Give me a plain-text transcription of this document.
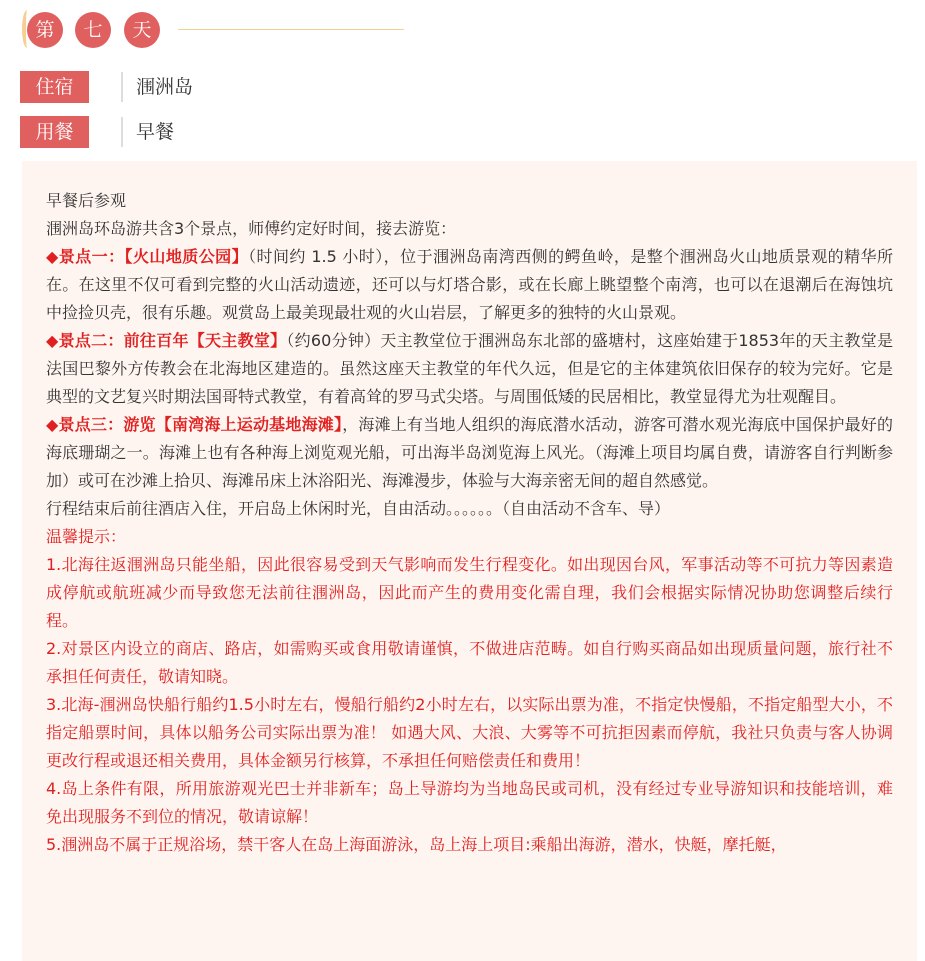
第	七	天
住宿	涠洲岛
用餐	早餐

早餐后参观

涠洲岛环岛游共含3个景点，师傅约定好时间，接去游览：

◆景点一：【火山地质公园】（时间约 1.5 小时），位于涠洲岛南湾西侧的鳄鱼岭，是整个涠洲岛火山地质景观的精华所在。在这里不仅可看到完整的火山活动遗迹，还可以与灯塔合影，或在长廊上眺望整个南湾，也可以在退潮后在海蚀坑中捡捡贝壳，很有乐趣。观赏岛上最美现最壮观的火山岩层，了解更多的独特的火山景观。

◆景点二：前往百年【天主教堂】（约60分钟）天主教堂位于涠洲岛东北部的盛塘村，这座始建于1853年的天主教堂是法国巴黎外方传教会在北海地区建造的。虽然这座天主教堂的年代久远，但是它的主体建筑依旧保存的较为完好。它是典型的文艺复兴时期法国哥特式教堂，有着高耸的罗马式尖塔。与周围低矮的民居相比，教堂显得尤为壮观醒目。

◆景点三：游览【南湾海上运动基地海滩】，海滩上有当地人组织的海底潜水活动，游客可潜水观光海底中国保护最好的海底珊瑚之一。海滩上也有各种海上浏览观光船，可出海半岛浏览海上风光。（海滩上项目均属自费，请游客自行判断参加）或可在沙滩上拾贝、海滩吊床上沐浴阳光、海滩漫步，体验与大海亲密无间的超自然感觉。

行程结束后前往酒店入住，开启岛上休闲时光，自由活动。。。。。。（自由活动不含车、导）

温馨提示：

1.北海往返涠洲岛只能坐船，因此很容易受到天气影响而发生行程变化。如出现因台风，军事活动等不可抗力等因素造成停航或航班减少而导致您无法前往涠洲岛，因此而产生的费用变化需自理，我们会根据实际情况协助您调整后续行程。

2.对景区内设立的商店、路店，如需购买或食用敬请谨慎，不做进店范畴。如自行购买商品如出现质量问题，旅行社不承担任何责任，敬请知晓。

3.北海-涠洲岛快船行船约1.5小时左右，慢船行船约2小时左右，以实际出票为准，不指定快慢船，不指定船型大小，不指定船票时间，具体以船务公司实际出票为准！ 如遇大风、大浪、大雾等不可抗拒因素而停航，我社只负责与客人协调更改行程或退还相关费用，具体金额另行核算，不承担任何赔偿责任和费用！

4.岛上条件有限，所用旅游观光巴士并非新车；岛上导游均为当地岛民或司机，没有经过专业导游知识和技能培训，难免出现服务不到位的情况，敬请谅解！

5.涠洲岛不属于正规浴场，禁干客人在岛上海面游泳，岛上海上项目:乘船出海游，潜水，快艇，摩托艇，
